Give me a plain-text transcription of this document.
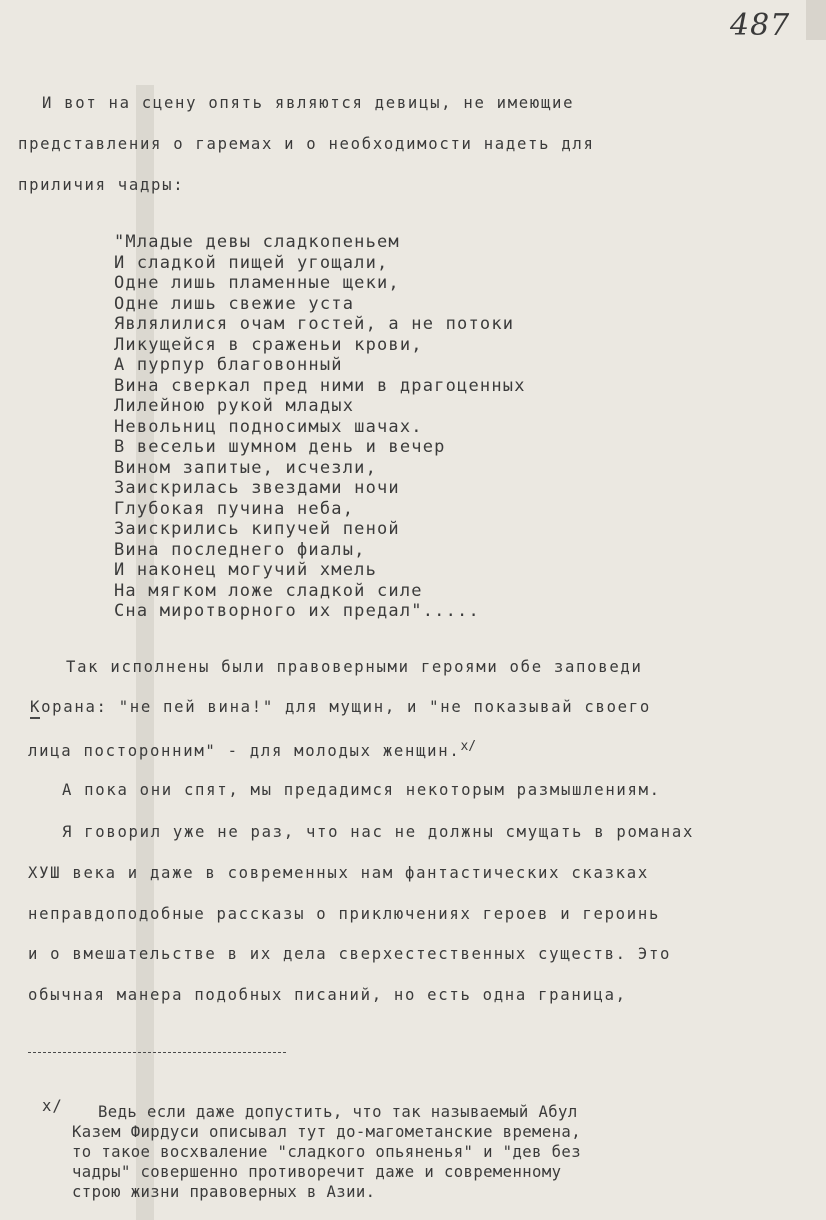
487
И вот на сцену опять являются девицы, не имеющие
представления о гаремах и о необходимости надеть для
приличия чадры:
"Младые девы сладкопеньем
И сладкой пищей угощали,
Одне лишь пламенные щеки,
Одне лишь свежие уста
Являлилися очам гостей, а не потоки
Ликущейся в сраженьи крови,
А пурпур благовонный
Вина сверкал пред ними в драгоценных
Лилейною рукой младых
Невольниц подносимых шачах.
В весельи шумном день и вечер
Вином запитые, исчезли,
Заискрилась звездами ночи
Глубокая пучина неба,
Заискрились кипучей пеной
Вина последнего фиалы,
И наконец могучий хмель
На мягком ложе сладкой силе
Сна миротворного их предал".....
Так исполнены были правоверными героями обе заповеди
Корана: "не пей вина!" для мущин, и "не показывай своего
лица посторонним" - для молодых женщин.$^{x/}$
А пока они спят, мы предадимся некоторым размышлениям.
Я говорил уже не раз, что нас не должны смущать в романах
ХУШ века и даже в современных нам фантастических сказках
неправдоподобные рассказы о приключениях героев и героинь
и о вмешательстве в их дела сверхестественных существ. Это
обычная манера подобных писаний, но есть одна граница,
x/ Ведь если даже допустить, что так называемый Абул
Казем Фирдуси описывал тут до-магометанские времена,
то такое восхваление "сладкого опьяненья" и "дев без
чадры" совершенно противоречит даже и современному
строю жизни правоверных в Азии.
